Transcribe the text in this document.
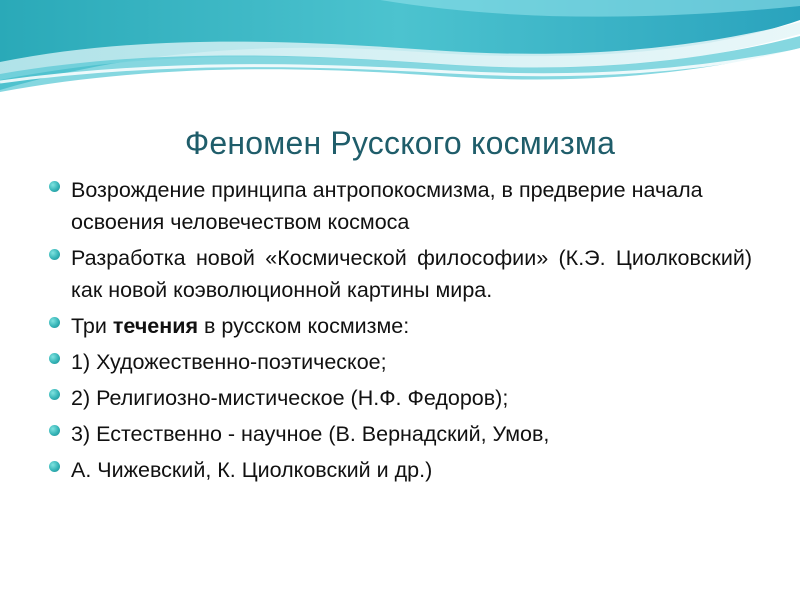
Феномен Русского космизма
Возрождение принципа антропокосмизма, в предверие начала освоения человечеством космоса
Разработка новой «Космической философии» (К.Э. Циолковский) как новой коэволюционной картины мира.
Три течения в русском космизме:
1) Художественно-поэтическое;
2) Религиозно-мистическое (Н.Ф. Федоров);
3) Естественно - научное (В. Вернадский, Умов,
А. Чижевский, К. Циолковский и др.)
